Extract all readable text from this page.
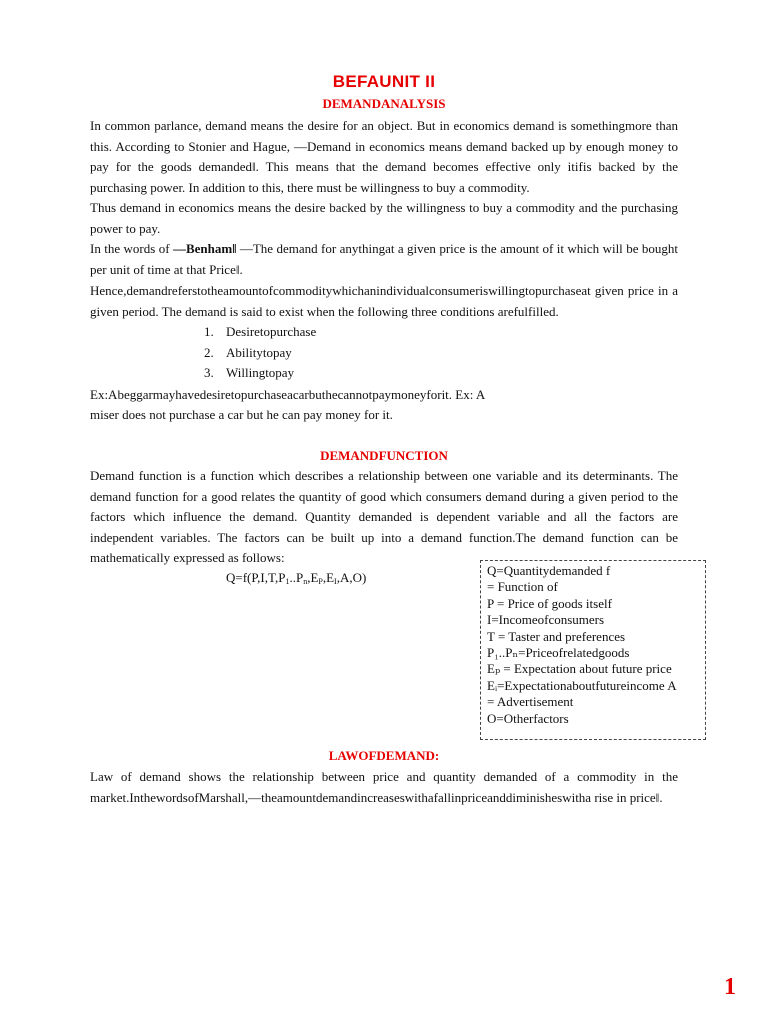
BEFAUNIT II
DEMANDANALYSIS

In common parlance, demand means the desire for an object. But in economics demand is somethingmore than this. According to Stonier and Hague, —Demand in economics means demand backed up by enough money to pay for the goods demanded‖. This means that the demand becomes effective only itifis backed by the purchasing power. In addition to this, there must be willingness to buy a commodity.

Thus demand in economics means the desire backed by the willingness to buy a commodity and the purchasing power to pay.

In the words of —Benham‖ —The demand for anythingat a given price is the amount of it which will be bought per unit of time at that Price‖.

Hence,demandreferstotheamountofcommoditywhichanindividualconsumeriswillingtopurchaseat given price in a given period. The demand is said to exist when the following three conditions arefulfilled.

1. Desiretopurchase
2. Abilitytopay
3. Willingtopay

Ex:Abeggarmayhavedesiretopurchaseacarbuthecannotpaymoneyforit. Ex: A

miser does not purchase a car but he can pay money for it.

DEMANDFUNCTION

Demand function is a function which describes a relationship between one variable and its determinants. The demand function for a good relates the quantity of good which consumers demand during a given period to the factors which influence the demand. Quantity demanded is dependent variable and all the factors are independent variables. The factors can be built up into a demand function.The demand function can be mathematically expressed as follows:

$Q=f(P,I,T,P_1..P_n,E_P,E_I,A,O)$	Q=Quantitydemanded f
= Function of
P = Price of goods itself
I=Incomeofconsumers
T = Taster and preferences
P₁..Pₙ=Priceofrelatedgoods
Eₚ = Expectation about future price
Eᵢ=Expectationaboutfutureincome A
= Advertisement
O=Otherfactors
LAWOFDEMAND:

Law of demand shows the relationship between price and quantity demanded of a commodity in the market.InthewordsofMarshall,—theamountdemandincreaseswithafallinpriceanddiminisheswitha rise in price‖.

1
